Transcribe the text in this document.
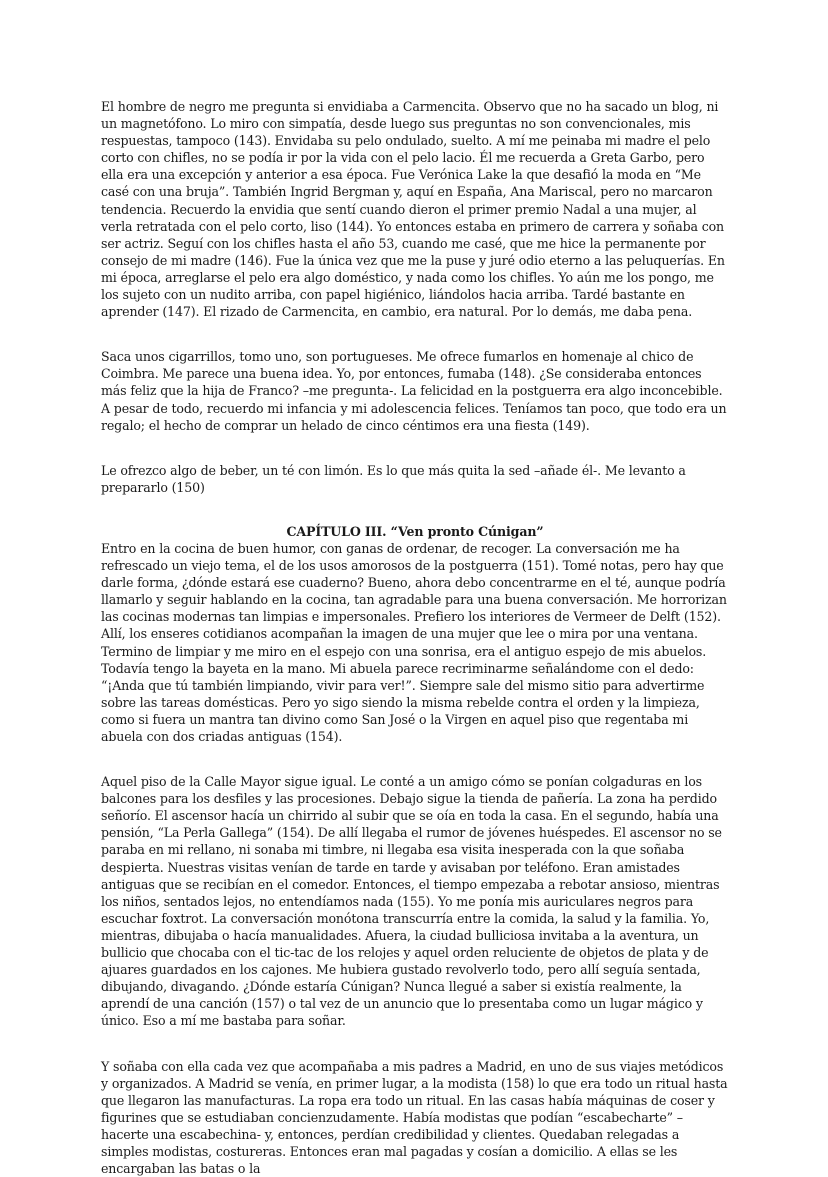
El hombre de negro me pregunta si envidiaba a Carmencita. Observo que no ha sacado un blog, ni un magnetófono. Lo miro con simpatía, desde luego sus preguntas no son convencionales, mis respuestas, tampoco (143). Envidaba su pelo ondulado, suelto. A mí me peinaba mi madre el pelo corto con chifles, no se podía ir por la vida con el pelo lacio. Él me recuerda a Greta Garbo, pero ella era una excepción y anterior a esa época. Fue Verónica Lake la que desafió la moda en “Me casé con una bruja”. También Ingrid Bergman y, aquí en España, Ana Mariscal, pero no marcaron tendencia. Recuerdo la envidia que sentí cuando dieron el primer premio Nadal a una mujer, al verla retratada con el pelo corto, liso (144). Yo entonces estaba en primero de carrera y soñaba con ser actriz. Seguí con los chifles hasta el año 53, cuando me casé, que me hice la permanente por consejo de mi madre (146). Fue la única vez que me la puse y juré odio eterno a las peluquerías. En mi época, arreglarse el pelo era algo doméstico, y nada como los chifles. Yo aún me los pongo, me los sujeto con un nudito arriba, con papel higiénico, liándolos hacia arriba. Tardé bastante en aprender (147). El rizado de Carmencita, en cambio, era natural. Por lo demás, me daba pena.

Saca unos cigarrillos, tomo uno, son portugueses. Me ofrece fumarlos en homenaje al chico de Coimbra. Me parece una buena idea. Yo, por entonces, fumaba (148). ¿Se consideraba entonces más feliz que la hija de Franco? –me pregunta-. La felicidad en la postguerra era algo inconcebible. A pesar de todo, recuerdo mi infancia y mi adolescencia felices. Teníamos tan poco, que todo era un regalo; el hecho de comprar un helado de cinco céntimos era una fiesta (149).

Le ofrezco algo de beber, un té con limón. Es lo que más quita la sed –añade él-. Me levanto a prepararlo (150)

CAPÍTULO III. “Ven pronto Cúnigan”

Entro en la cocina de buen humor, con ganas de ordenar, de recoger. La conversación me ha refrescado un viejo tema, el de los usos amorosos de la postguerra (151). Tomé notas, pero hay que darle forma, ¿dónde estará ese cuaderno? Bueno, ahora debo concentrarme en el té, aunque podría llamarlo y seguir hablando en la cocina, tan agradable para una buena conversación. Me horrorizan las cocinas modernas tan limpias e impersonales. Prefiero los interiores de Vermeer de Delft (152). Allí, los enseres cotidianos acompañan la imagen de una mujer que lee o mira por una ventana. Termino de limpiar y me miro en el espejo con una sonrisa, era el antiguo espejo de mis abuelos. Todavía tengo la bayeta en la mano. Mi abuela parece recriminarme señalándome con el dedo: “¡Anda que tú también limpiando, vivir para ver!”. Siempre sale del mismo sitio para advertirme sobre las tareas domésticas. Pero yo sigo siendo la misma rebelde contra el orden y la limpieza, como si fuera un mantra tan divino como San José o la Virgen en aquel piso que regentaba mi abuela con dos criadas antiguas (154).

Aquel piso de la Calle Mayor sigue igual. Le conté a un amigo cómo se ponían colgaduras en los balcones para los desfiles y las procesiones. Debajo sigue la tienda de pañería. La zona ha perdido señorío. El ascensor hacía un chirrido al subir que se oía en toda la casa. En el segundo, había una pensión, “La Perla Gallega” (154). De allí llegaba el rumor de jóvenes huéspedes. El ascensor no se paraba en mi rellano, ni sonaba mi timbre, ni llegaba esa visita inesperada con la que soñaba despierta. Nuestras visitas venían de tarde en tarde y avisaban por teléfono. Eran amistades antiguas que se recibían en el comedor. Entonces, el tiempo empezaba a rebotar ansioso, mientras los niños, sentados lejos, no entendíamos nada (155). Yo me ponía mis auriculares negros para escuchar foxtrot. La conversación monótona transcurría entre la comida, la salud y la familia. Yo, mientras, dibujaba o hacía manualidades. Afuera, la ciudad bulliciosa invitaba a la aventura, un bullicio que chocaba con el tic-tac de los relojes y aquel orden reluciente de objetos de plata y de ajuares guardados en los cajones. Me hubiera gustado revolverlo todo, pero allí seguía sentada, dibujando, divagando. ¿Dónde estaría Cúnigan? Nunca llegué a saber si existía realmente, la aprendí de una canción (157) o tal vez de un anuncio que lo presentaba como un lugar mágico y único. Eso a mí me bastaba para soñar.

Y soñaba con ella cada vez que acompañaba a mis padres a Madrid, en uno de sus viajes metódicos y organizados. A Madrid se venía, en primer lugar, a la modista (158) lo que era todo un ritual hasta que llegaron las manufacturas. La ropa era todo un ritual. En las casas había máquinas de coser y figurines que se estudiaban concienzudamente. Había modistas que podían “escabecharte” –hacerte una escabechina- y, entonces, perdían credibilidad y clientes. Quedaban relegadas a simples modistas, costureras. Entonces eran mal pagadas y cosían a domicilio. A ellas se les encargaban las batas o la
